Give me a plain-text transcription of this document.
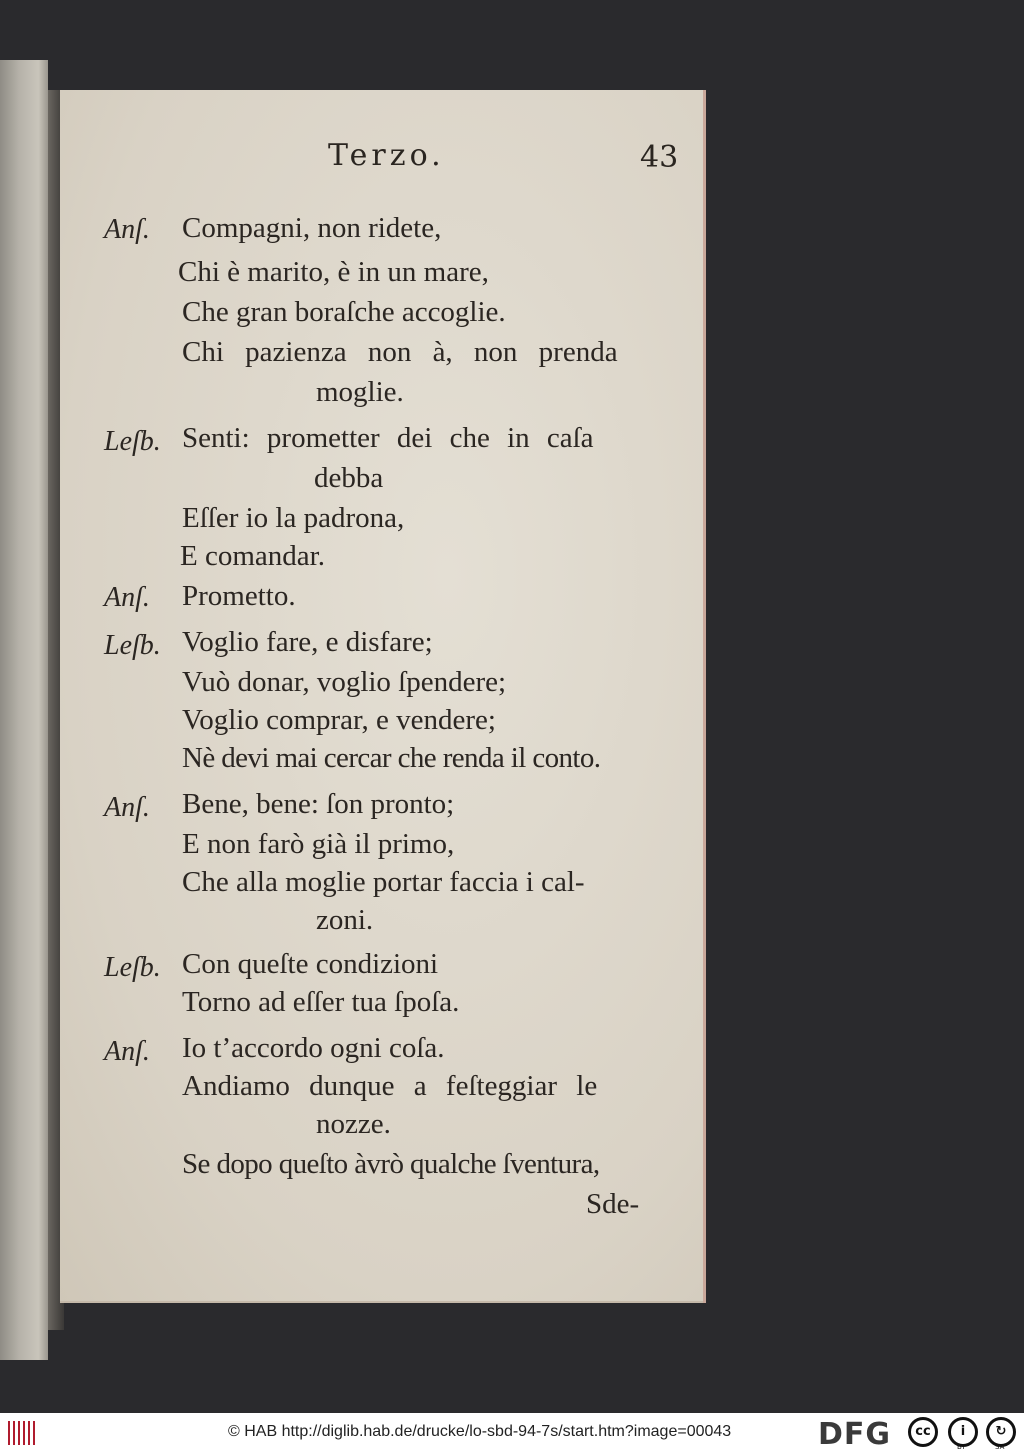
Terzo.	43
Anſ. Compagni, non ridete,
Chi è marito, è in un mare,
Che gran boraſche accoglie.
Chi pazienza non à, non prenda
moglie.
Leſb. Senti: prometter dei che in caſa
debba
Eſſer io la padrona,
E comandar.
Anſ. Prometto.
Leſb. Voglio fare, e disfare;
Vuò donar, voglio ſpendere;
Voglio comprar, e vendere;
Nè devi mai cercar che renda il conto.
Anſ. Bene, bene: ſon pronto;
E non farò già il primo,
Che alla moglie portar faccia i cal-
zoni.
Leſb. Con queſte condizioni
Torno ad eſſer tua ſpoſa.
Anſ. Io t’accordo ogni coſa.
Andiamo dunque a feſteggiar le
nozze.
Se dopo queſto àvrò qualche ſventura,
Sde-
© HAB http://diglib.hab.de/drucke/lo-sbd-94-7s/start.htm?image=00043	DFG	cc	i	↻
BY	SA
